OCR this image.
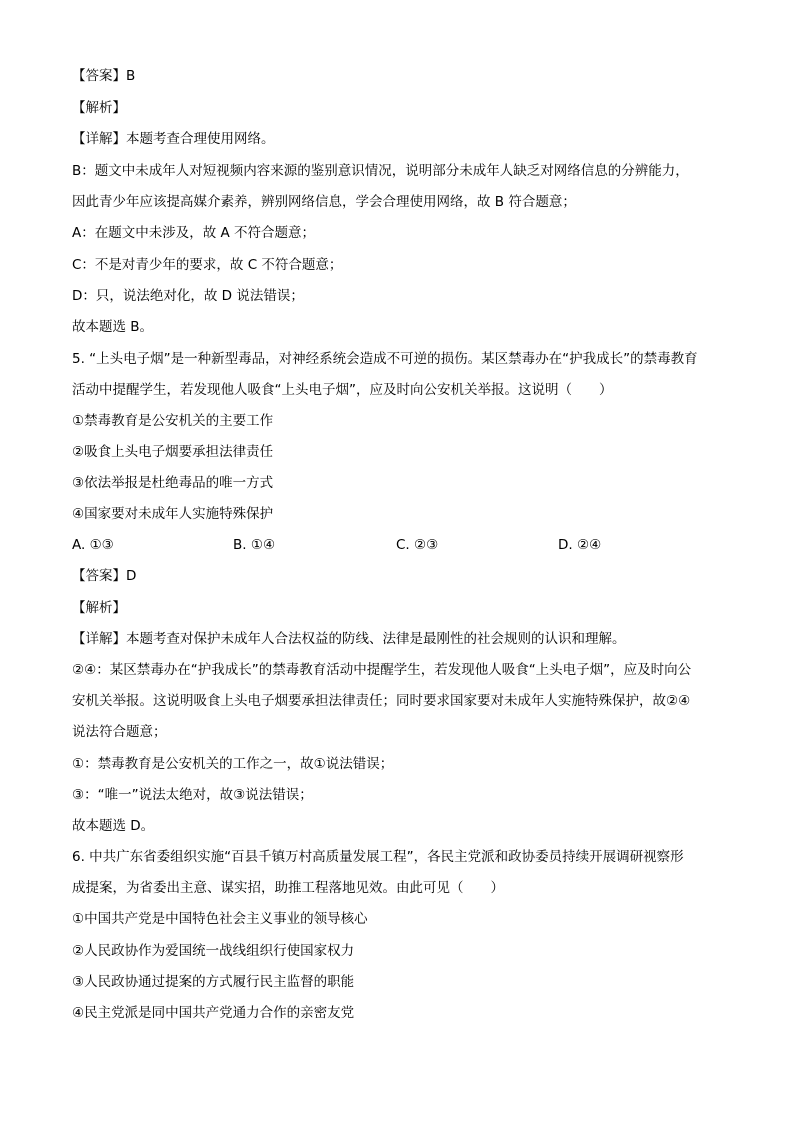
【答案】B
【解析】
【详解】本题考查合理使用网络。
B：题文中未成年人对短视频内容来源的鉴别意识情况，说明部分未成年人缺乏对网络信息的分辨能力，
因此青少年应该提高媒介素养，辨别网络信息，学会合理使用网络，故 B 符合题意；
A：在题文中未涉及，故 A 不符合题意；
C：不是对青少年的要求，故 C 不符合题意；
D：只，说法绝对化，故 D 说法错误；
故本题选 B。
5. “上头电子烟”是一种新型毒品，对神经系统会造成不可逆的损伤。某区禁毒办在“护我成长”的禁毒教育
活动中提醒学生，若发现他人吸食“上头电子烟”，应及时向公安机关举报。这说明（　　）
①禁毒教育是公安机关的主要工作
②吸食上头电子烟要承担法律责任
③依法举报是杜绝毒品的唯一方式
④国家要对未成年人实施特殊保护
A. ①③	B. ①④	C. ②③	D. ②④
【答案】D
【解析】
【详解】本题考查对保护未成年人合法权益的防线、法律是最刚性的社会规则的认识和理解。
②④：某区禁毒办在“护我成长”的禁毒教育活动中提醒学生，若发现他人吸食“上头电子烟”，应及时向公
安机关举报。这说明吸食上头电子烟要承担法律责任；同时要求国家要对未成年人实施特殊保护，故②④
说法符合题意；
①：禁毒教育是公安机关的工作之一，故①说法错误；
③：“唯一”说法太绝对，故③说法错误；
故本题选 D。
6. 中共广东省委组织实施“百县千镇万村高质量发展工程”，各民主党派和政协委员持续开展调研视察形
成提案，为省委出主意、谋实招，助推工程落地见效。由此可见（　　）
①中国共产党是中国特色社会主义事业的领导核心
②人民政协作为爱国统一战线组织行使国家权力
③人民政协通过提案的方式履行民主监督的职能
④民主党派是同中国共产党通力合作的亲密友党
